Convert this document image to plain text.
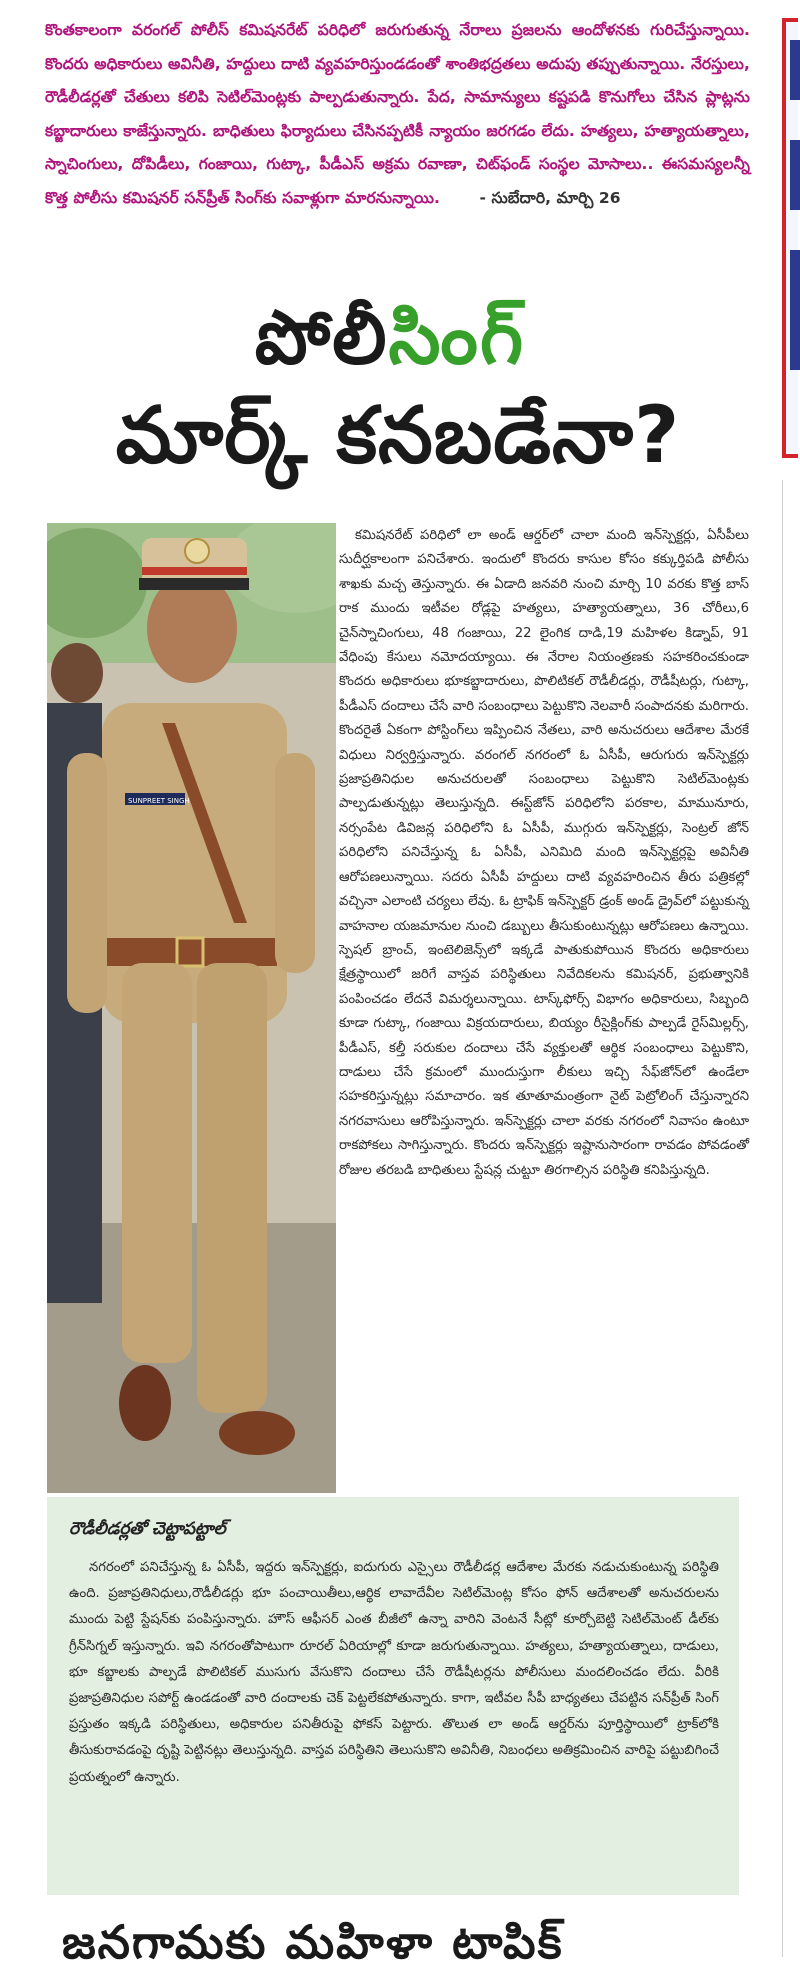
కొంతకాలంగా వరంగల్ పోలీస్ కమిషనరేట్ పరిధిలో జరుగుతున్న నేరాలు ప్రజలను ఆందోళనకు గురిచేస్తున్నాయి. కొందరు అధికారులు అవినీతి, హద్దులు దాటి వ్యవహరిస్తుండడంతో శాంతిభద్రతలు అదుపు తప్పుతున్నాయి. నేరస్తులు, రౌడీలీడర్లతో చేతులు కలిపి సెటిల్‌మెంట్లకు పాల్పడుతున్నారు. పేద, సామాన్యులు కష్టపడి కొనుగోలు చేసిన ప్లాట్లను కబ్జాదారులు కాజేస్తున్నారు. బాధితులు ఫిర్యాదులు చేసినప్పటికీ న్యాయం జరగడం లేదు. హత్యలు, హత్యాయత్నాలు, స్నాచింగులు, దోపిడీలు, గంజాయి, గుట్కా, పీడీఎస్ అక్రమ రవాణా, చిట్‌ఫండ్ సంస్థల మోసాలు.. ఈసమస్యలన్నీ కొత్త పోలీసు కమిషనర్ సన్‌ప్రీత్ సింగ్‌కు సవాళ్లుగా మారనున్నాయి.	- సుబేదారి, మార్చి 26
పోలీసింగ్
మార్క్ కనబడేనా?
SUNPREET SINGH

కమిషనరేట్ పరిధిలో లా అండ్ ఆర్డర్‌లో చాలా మంది ఇన్‌స్పెక్టర్లు, ఏసీపీలు సుదీర్ఘకాలంగా పనిచేశారు. ఇందులో కొందరు కాసుల కోసం కక్కుర్తిపడి పోలీసు శాఖకు మచ్చ తెస్తున్నారు. ఈ ఏడాది జనవరి నుంచి మార్చి 10 వరకు కొత్త బాస్ రాక ముందు ఇటీవల రోడ్లపై హత్యలు, హత్యాయత్నాలు, 36 చోరీలు,6 చైన్‌స్నాచింగులు, 48 గంజాయి, 22 లైంగిక దాడి,19 మహిళల కిడ్నాప్, 91 వేధింపు కేసులు నమోదయ్యాయి. ఈ నేరాల నియంత్రణకు సహకరించకుండా కొందరు అధికారులు భూకబ్జాదారులు, పొలిటికల్ రౌడీలీడర్లు, రౌడీషీటర్లు, గుట్కా, పీడీఎస్ దందాలు చేసే వారి సంబంధాలు పెట్టుకొని నెలవారీ సంపాదనకు మరిగారు. కొందరైతే ఏకంగా పోస్టింగ్‌లు ఇప్పించిన నేతలు, వారి అనుచరులు ఆదేశాల మేరకే విధులు నిర్వర్తిస్తున్నారు. వరంగల్ నగరంలో ఓ ఏసీపీ, ఆరుగురు ఇన్‌స్పెక్టర్లు ప్రజాప్రతినిధుల అనుచరులతో సంబంధాలు పెట్టుకొని సెటిల్‌మెంట్లకు పాల్పడుతున్నట్లు తెలుస్తున్నది. ఈస్ట్‌జోన్ పరిధిలోని పరకాల, మామునూరు, నర్సంపేట డివిజన్ల పరిధిలోని ఓ ఏసీపీ, ముగ్గురు ఇన్‌స్పెక్టర్లు, సెంట్రల్ జోన్ పరిధిలోని పనిచేస్తున్న ఓ ఏసీపీ, ఎనిమిది మంది ఇన్‌స్పెక్టర్లపై అవినీతి ఆరోపణలున్నాయి. సదరు ఏసీపీ హద్దులు దాటి వ్యవహరించిన తీరు పత్రికల్లో వచ్చినా ఎలాంటి చర్యలు లేవు. ఓ ట్రాఫిక్ ఇన్‌స్పెక్టర్ డ్రంక్ అండ్ డ్రైవ్‌లో పట్టుకున్న వాహనాల యజమానుల నుంచి డబ్బులు తీసుకుంటున్నట్లు ఆరోపణలు ఉన్నాయి. స్పెషల్ బ్రాంచ్, ఇంటెలిజెన్స్‌లో ఇక్కడే పాతుకుపోయిన కొందరు అధికారులు క్షేత్రస్థాయిలో జరిగే వాస్తవ పరిస్థితులు నివేదికలను కమిషనర్, ప్రభుత్వానికి పంపించడం లేదనే విమర్శలున్నాయి. టాస్క్‌ఫోర్స్ విభాగం అధికారులు, సిబ్బంది కూడా గుట్కా, గంజాయి విక్రయదారులు, బియ్యం రీసైక్లింగ్‌కు పాల్పడే రైస్‌మిల్లర్స్, పీడీఎస్, కల్తీ సరుకుల దందాలు చేసే వ్యక్తులతో ఆర్థిక సంబంధాలు పెట్టుకొని, దాడులు చేసే క్రమంలో ముందుస్తుగా లీకులు ఇచ్చి సేఫ్‌జోన్‌లో ఉండేలా సహకరిస్తున్నట్లు సమాచారం. ఇక తూతూమంత్రంగా నైట్ పెట్రోలింగ్ చేస్తున్నారని నగరవాసులు ఆరోపిస్తున్నారు. ఇన్‌స్పెక్టర్లు చాలా వరకు నగరంలో నివాసం ఉంటూ రాకపోకలు సాగిస్తున్నారు. కొందరు ఇన్‌స్పెక్టర్లు ఇష్టానుసారంగా రావడం పోవడంతో రోజుల తరబడి బాధితులు స్టేషన్ల చుట్టూ తిరగాల్సిన పరిస్థితి కనిపిస్తున్నది.

రౌడీలీడర్లతో చెట్టాపట్టాల్

నగరంలో పనిచేస్తున్న ఓ ఏసీపీ, ఇద్దరు ఇన్‌స్పెక్టర్లు, ఐదుగురు ఎస్సైలు రౌడీలీడర్ల ఆదేశాల మేరకు నడుచుకుంటున్న పరిస్థితి ఉంది. ప్రజాప్రతినిధులు,రౌడీలీడర్లు భూ పంచాయితీలు,ఆర్థిక లావాదేవీల సెటిల్‌మెంట్ల కోసం ఫోన్ ఆదేశాలతో అనుచరులను ముందు పెట్టి స్టేషన్‌కు పంపిస్తున్నారు. హౌస్ ఆఫీసర్ ఎంత బీజీలో ఉన్నా వారిని వెంటనే సీట్లో కూర్చోబెట్టి సెటిల్‌మెంట్ డీల్‌కు గ్రీన్‌సిగ్నల్ ఇస్తున్నారు. ఇవి నగరంతోపాటుగా రూరల్ ఏరియాల్లో కూడా జరుగుతున్నాయి. హత్యలు, హత్యాయత్నాలు, దాడులు, భూ కబ్జాలకు పాల్పడే పొలిటికల్ ముసుగు వేసుకొని దందాలు చేసే రౌడీషీటర్లను పోలీసులు మందలించడం లేదు. వీరికి ప్రజాప్రతినిధుల సపోర్ట్ ఉండడంతో వారి దందాలకు చెక్ పెట్టలేకపోతున్నారు. కాగా, ఇటీవల సీపీ బాధ్యతలు చేపట్టిన సన్‌ప్రీత్ సింగ్ ప్రస్తుతం ఇక్కడి పరిస్థితులు, అధికారుల పనితీరుపై ఫోకస్ పెట్టారు. తొలుత లా అండ్ ఆర్డర్‌ను పూర్తిస్థాయిలో ట్రాక్‌లోకి తీసుకురావడంపై దృష్టి పెట్టినట్లు తెలుస్తున్నది. వాస్తవ పరిస్థితిని తెలుసుకొని అవినీతి, నిబంధలు అతిక్రమించిన వారిపై పట్టుబిగించే ప్రయత్నంలో ఉన్నారు.

జనగామకు మహిళా టాపిక్
